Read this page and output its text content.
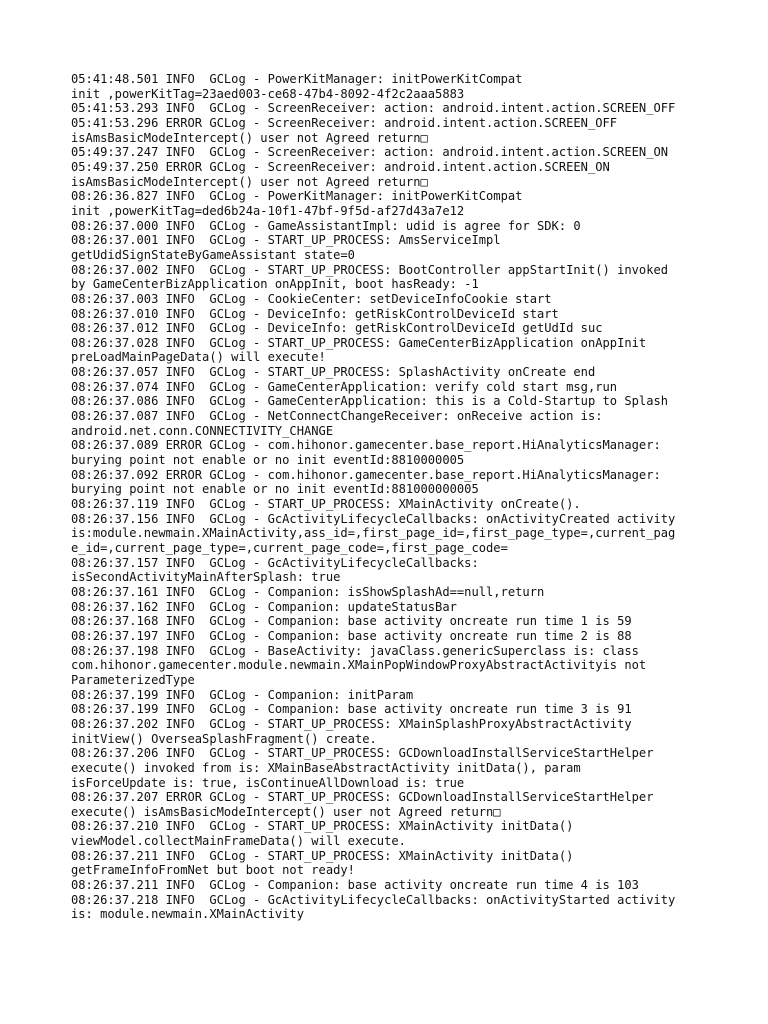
05:41:48.501 INFO  GCLog - PowerKitManager: initPowerKitCompat

init ,powerKitTag=23aed003-ce68-47b4-8092-4f2c2aaa5883

05:41:53.293 INFO  GCLog - ScreenReceiver: action: android.intent.action.SCREEN_OFF

05:41:53.296 ERROR GCLog - ScreenReceiver: android.intent.action.SCREEN_OFF

isAmsBasicModeIntercept() user not Agreed return□

05:49:37.247 INFO  GCLog - ScreenReceiver: action: android.intent.action.SCREEN_ON

05:49:37.250 ERROR GCLog - ScreenReceiver: android.intent.action.SCREEN_ON

isAmsBasicModeIntercept() user not Agreed return□

08:26:36.827 INFO  GCLog - PowerKitManager: initPowerKitCompat

init ,powerKitTag=ded6b24a-10f1-47bf-9f5d-af27d43a7e12

08:26:37.000 INFO  GCLog - GameAssistantImpl: udid is agree for SDK: 0

08:26:37.001 INFO  GCLog - START_UP_PROCESS: AmsServiceImpl

getUdidSignStateByGameAssistant state=0

08:26:37.002 INFO  GCLog - START_UP_PROCESS: BootController appStartInit() invoked

by GameCenterBizApplication onAppInit, boot hasReady: -1

08:26:37.003 INFO  GCLog - CookieCenter: setDeviceInfoCookie start

08:26:37.010 INFO  GCLog - DeviceInfo: getRiskControlDeviceId start

08:26:37.012 INFO  GCLog - DeviceInfo: getRiskControlDeviceId getUdId suc

08:26:37.028 INFO  GCLog - START_UP_PROCESS: GameCenterBizApplication onAppInit

preLoadMainPageData() will execute!

08:26:37.057 INFO  GCLog - START_UP_PROCESS: SplashActivity onCreate end

08:26:37.074 INFO  GCLog - GameCenterApplication: verify cold start msg,run

08:26:37.086 INFO  GCLog - GameCenterApplication: this is a Cold-Startup to Splash

08:26:37.087 INFO  GCLog - NetConnectChangeReceiver: onReceive action is:

android.net.conn.CONNECTIVITY_CHANGE

08:26:37.089 ERROR GCLog - com.hihonor.gamecenter.base_report.HiAnalyticsManager:

burying point not enable or no init eventId:8810000005

08:26:37.092 ERROR GCLog - com.hihonor.gamecenter.base_report.HiAnalyticsManager:

burying point not enable or no init eventId:881000000005

08:26:37.119 INFO  GCLog - START_UP_PROCESS: XMainActivity onCreate().

08:26:37.156 INFO  GCLog - GcActivityLifecycleCallbacks: onActivityCreated activity

is:module.newmain.XMainActivity,ass_id=,first_page_id=,first_page_type=,current_pag

e_id=,current_page_type=,current_page_code=,first_page_code=

08:26:37.157 INFO  GCLog - GcActivityLifecycleCallbacks:

isSecondActivityMainAfterSplash: true

08:26:37.161 INFO  GCLog - Companion: isShowSplashAd==null,return

08:26:37.162 INFO  GCLog - Companion: updateStatusBar

08:26:37.168 INFO  GCLog - Companion: base activity oncreate run time 1 is 59

08:26:37.197 INFO  GCLog - Companion: base activity oncreate run time 2 is 88

08:26:37.198 INFO  GCLog - BaseActivity: javaClass.genericSuperclass is: class

com.hihonor.gamecenter.module.newmain.XMainPopWindowProxyAbstractActivityis not

ParameterizedType

08:26:37.199 INFO  GCLog - Companion: initParam

08:26:37.199 INFO  GCLog - Companion: base activity oncreate run time 3 is 91

08:26:37.202 INFO  GCLog - START_UP_PROCESS: XMainSplashProxyAbstractActivity

initView() OverseaSplashFragment() create.

08:26:37.206 INFO  GCLog - START_UP_PROCESS: GCDownloadInstallServiceStartHelper

execute() invoked from is: XMainBaseAbstractActivity initData(), param

isForceUpdate is: true, isContinueAllDownload is: true

08:26:37.207 ERROR GCLog - START_UP_PROCESS: GCDownloadInstallServiceStartHelper

execute() isAmsBasicModeIntercept() user not Agreed return□

08:26:37.210 INFO  GCLog - START_UP_PROCESS: XMainActivity initData()

viewModel.collectMainFrameData() will execute.

08:26:37.211 INFO  GCLog - START_UP_PROCESS: XMainActivity initData()

getFrameInfoFromNet but boot not ready!

08:26:37.211 INFO  GCLog - Companion: base activity oncreate run time 4 is 103

08:26:37.218 INFO  GCLog - GcActivityLifecycleCallbacks: onActivityStarted activity

is: module.newmain.XMainActivity
